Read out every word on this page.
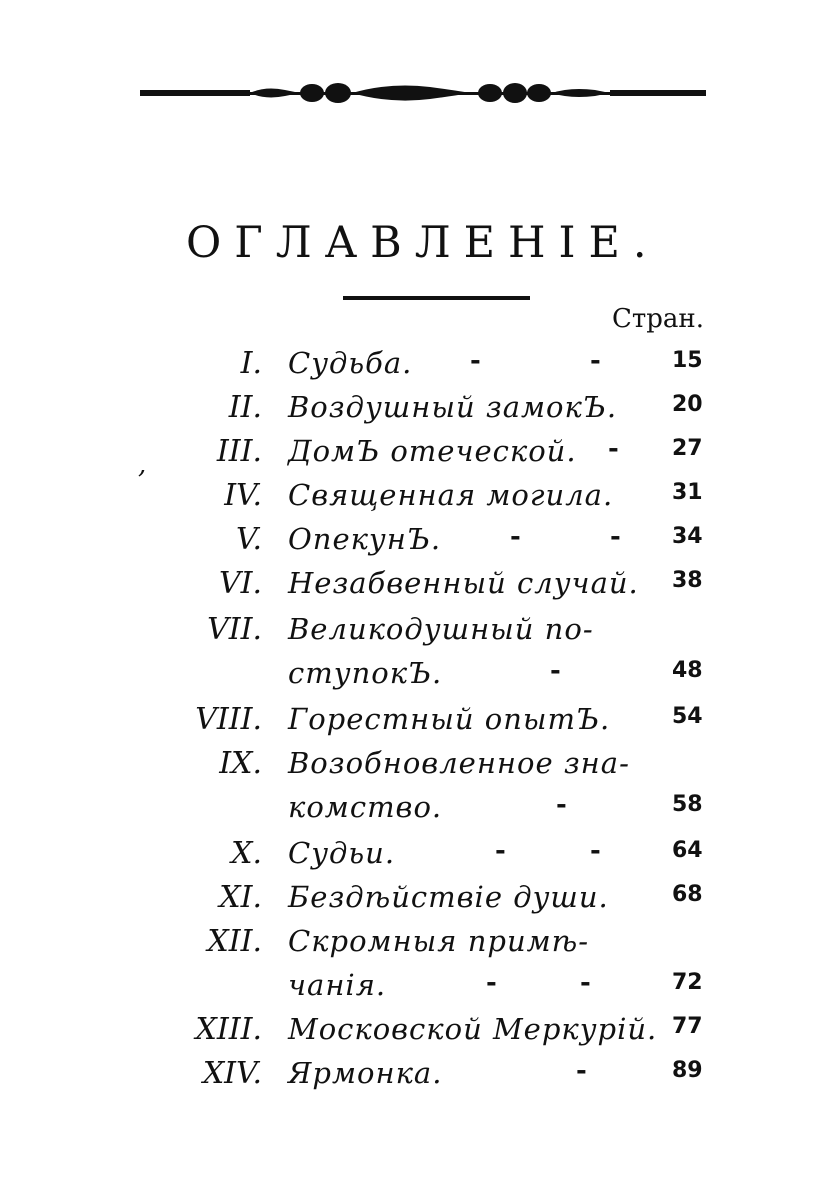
ОГЛАВЛЕНІЕ.
Стран.
,
I. Судьба. -	-	15
II. Воздушный замокЪ. 20
III. ДомЪ отеческой. - 27
IV. Священная могила.	31
V. ОпекунЪ.	-	- 34
VI. Незабвенный случай. 38
VII. Великодушный по-
ступокЪ.	-	48
VIII. Горестный опытЪ.	54
IX. Возобновленное зна-
комство.	-	58
X. Судьи.	-	-	64
XI. Бездѣйствіе души.	68
XII. Скромныя примѣ-
чанія.	-	-	72
XIII. Московской Меркурій. 77
XIV. Ярмонка.	-	89
